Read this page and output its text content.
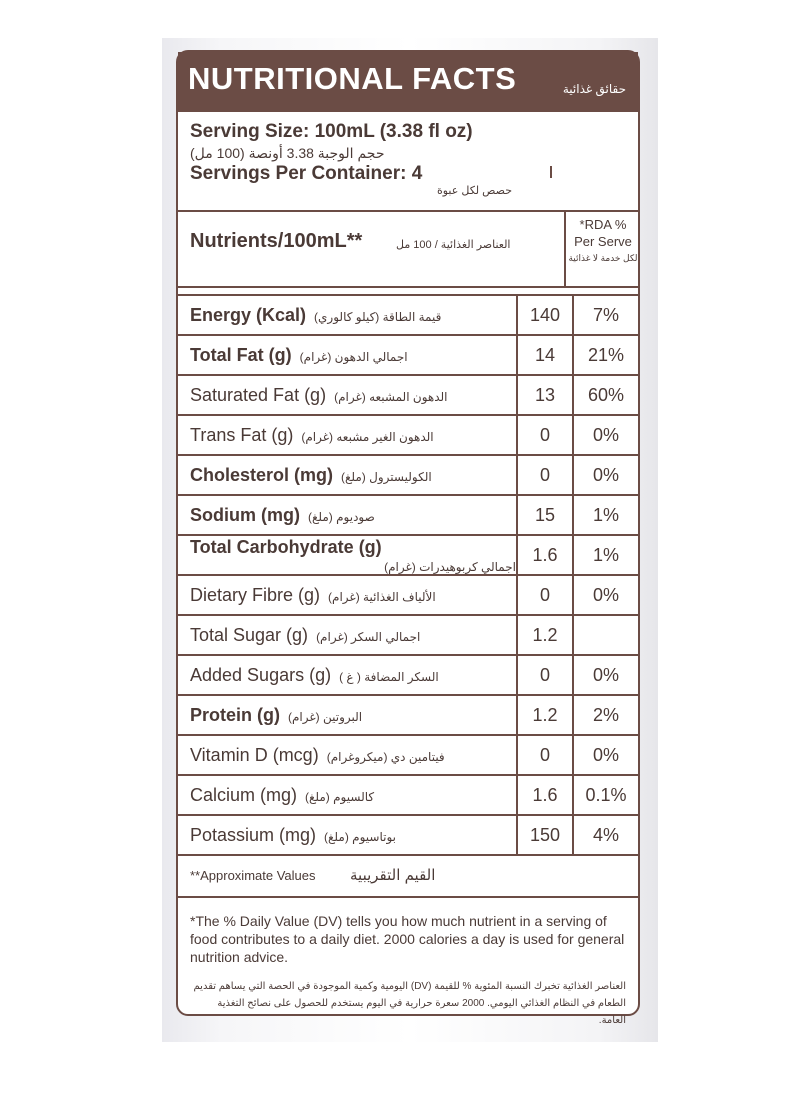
NUTRITIONAL FACTS	حقائق غذائية
Serving Size: 100mL (3.38 fl oz)
حجم الوجبة 3.38 أونصة (100 مل)
Servings Per Container: 4
حصص لكل عبوة
Nutrients/100mL**	العناصر الغذائية / 100 مل
*RDA %
Per Serve
لكل خدمة لا غذائية
Energy (Kcal) قيمة الطاقة (كيلو كالوري)	140	7%
Total Fat (g) اجمالي الدهون (غرام)	14	21%
Saturated Fat (g) الدهون المشبعه (غرام)	13	60%
Trans Fat (g) الدهون الغير مشبعه (غرام)	0	0%
Cholesterol (mg) الكوليسترول (ملغ)	0	0%
Sodium (mg) صوديوم (ملغ)	15	1%
Total Carbohydrate (g)
اجمالي كربوهيدرات (غرام)	1.6	1%
Dietary Fibre (g) الألياف الغذائية (غرام)	0	0%
Total Sugar (g) اجمالي السكر (غرام)	1.2	
Added Sugars (g) السكر المضافة ( غ )	0	0%
Protein (g) البروتين (غرام)	1.2	2%
Vitamin D (mcg) فيتامين دي (ميكروغرام)	0	0%
Calcium (mg) كالسيوم (ملغ)	1.6	0.1%
Potassium (mg) بوتاسيوم (ملغ)	150	4%
**Approximate Values القيم التقريبية
*The % Daily Value (DV) tells you how much nutrient in a serving of food contributes to a daily diet. 2000 calories a day is used for general nutrition advice.
العناصر الغذائية تخبرك النسبة المئوية % للقيمة (DV) اليومية وكمية الموجودة في الحصة التي يساهم تقديم الطعام في النظام الغذائي اليومي. 2000 سعرة حرارية في اليوم يستخدم للحصول على نصائح التغذية العامة.
